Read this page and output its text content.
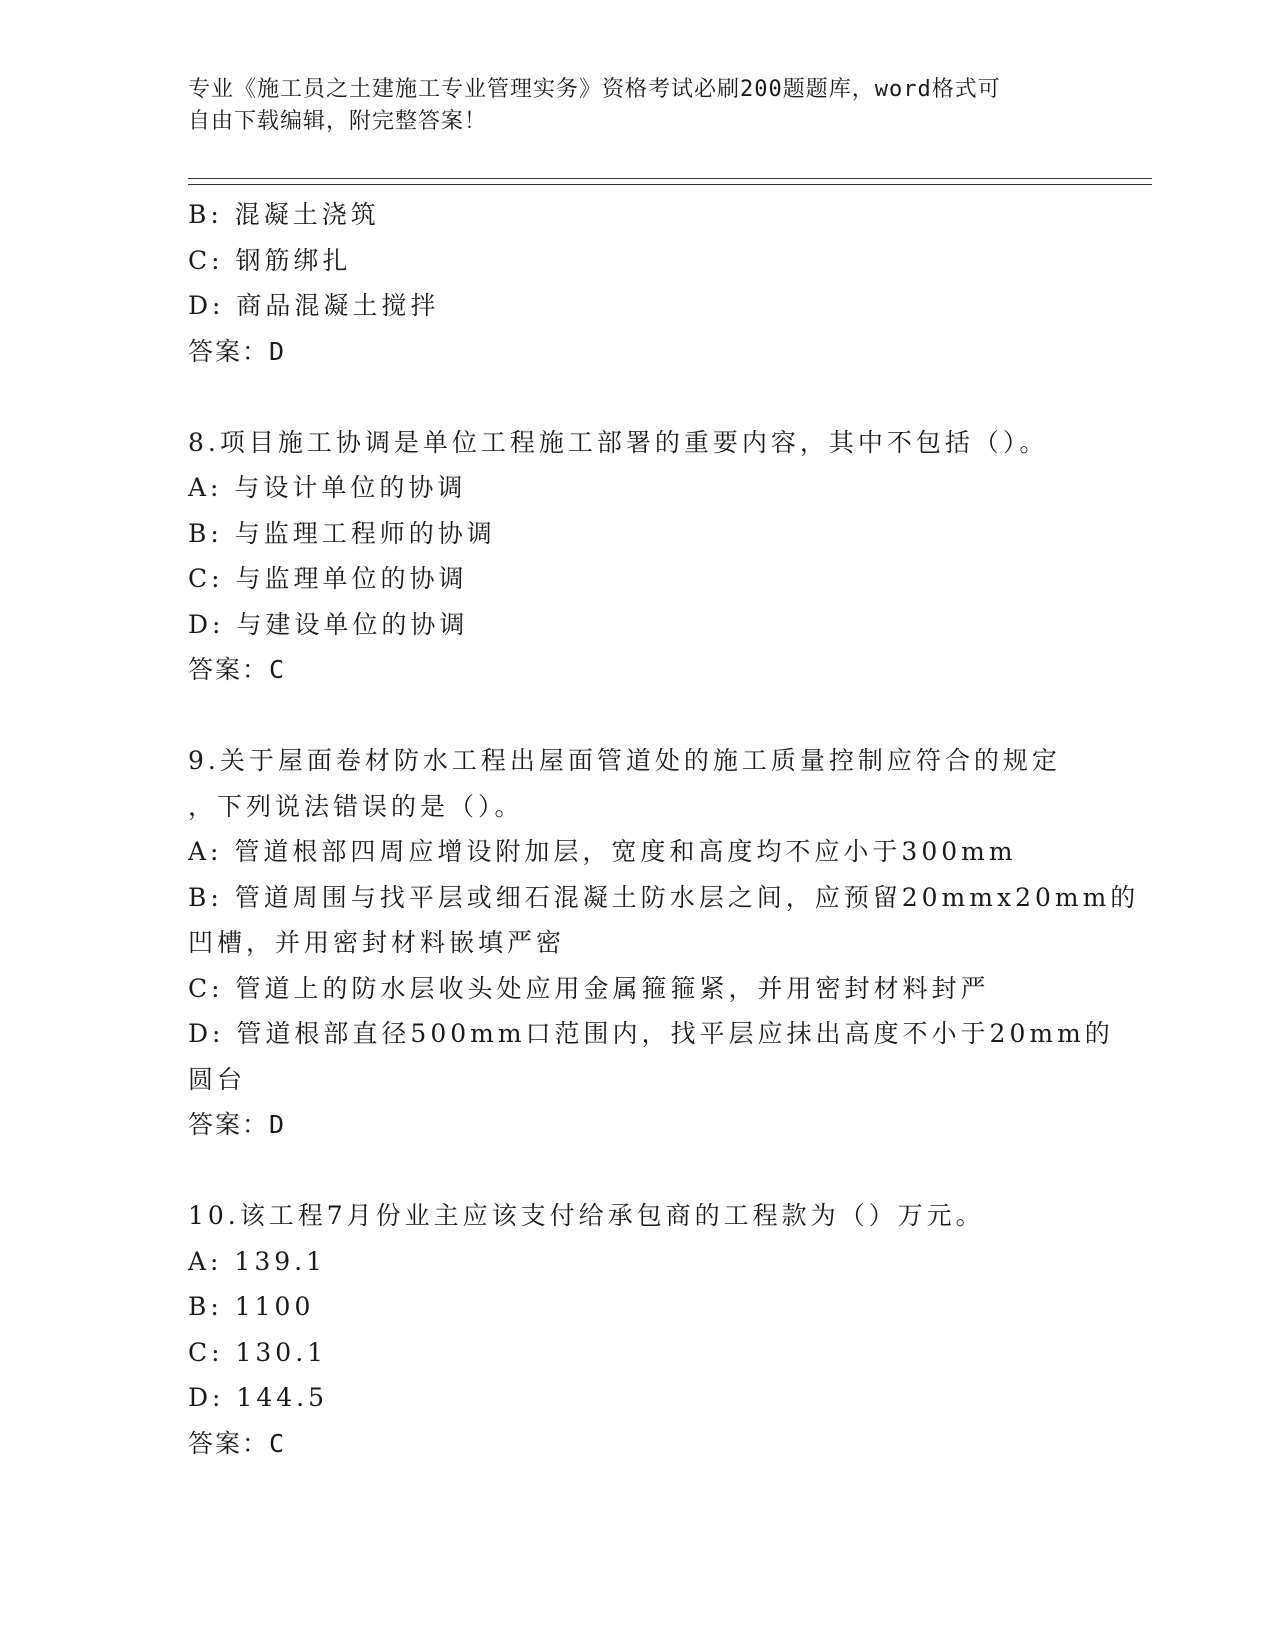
专业《施工员之土建施工专业管理实务》资格考试必刷200题题库，word格式可
自由下载编辑，附完整答案！
B: 混凝土浇筑
C: 钢筋绑扎
D: 商品混凝土搅拌
答案：D
8.项目施工协调是单位工程施工部署的重要内容，其中不包括（）。
A: 与设计单位的协调
B: 与监理工程师的协调
C: 与监理单位的协调
D: 与建设单位的协调
答案：C
9.关于屋面卷材防水工程出屋面管道处的施工质量控制应符合的规定
，下列说法错误的是（）。
A: 管道根部四周应增设附加层，宽度和高度均不应小于300mm
B: 管道周围与找平层或细石混凝土防水层之间，应预留20mmx20mm的
凹槽，并用密封材料嵌填严密
C: 管道上的防水层收头处应用金属箍箍紧，并用密封材料封严
D: 管道根部直径500mm口范围内，找平层应抹出高度不小于20mm的
圆台
答案：D
10.该工程7月份业主应该支付给承包商的工程款为（）万元。
A: 139.1
B: 1100
C: 130.1
D: 144.5
答案：C
